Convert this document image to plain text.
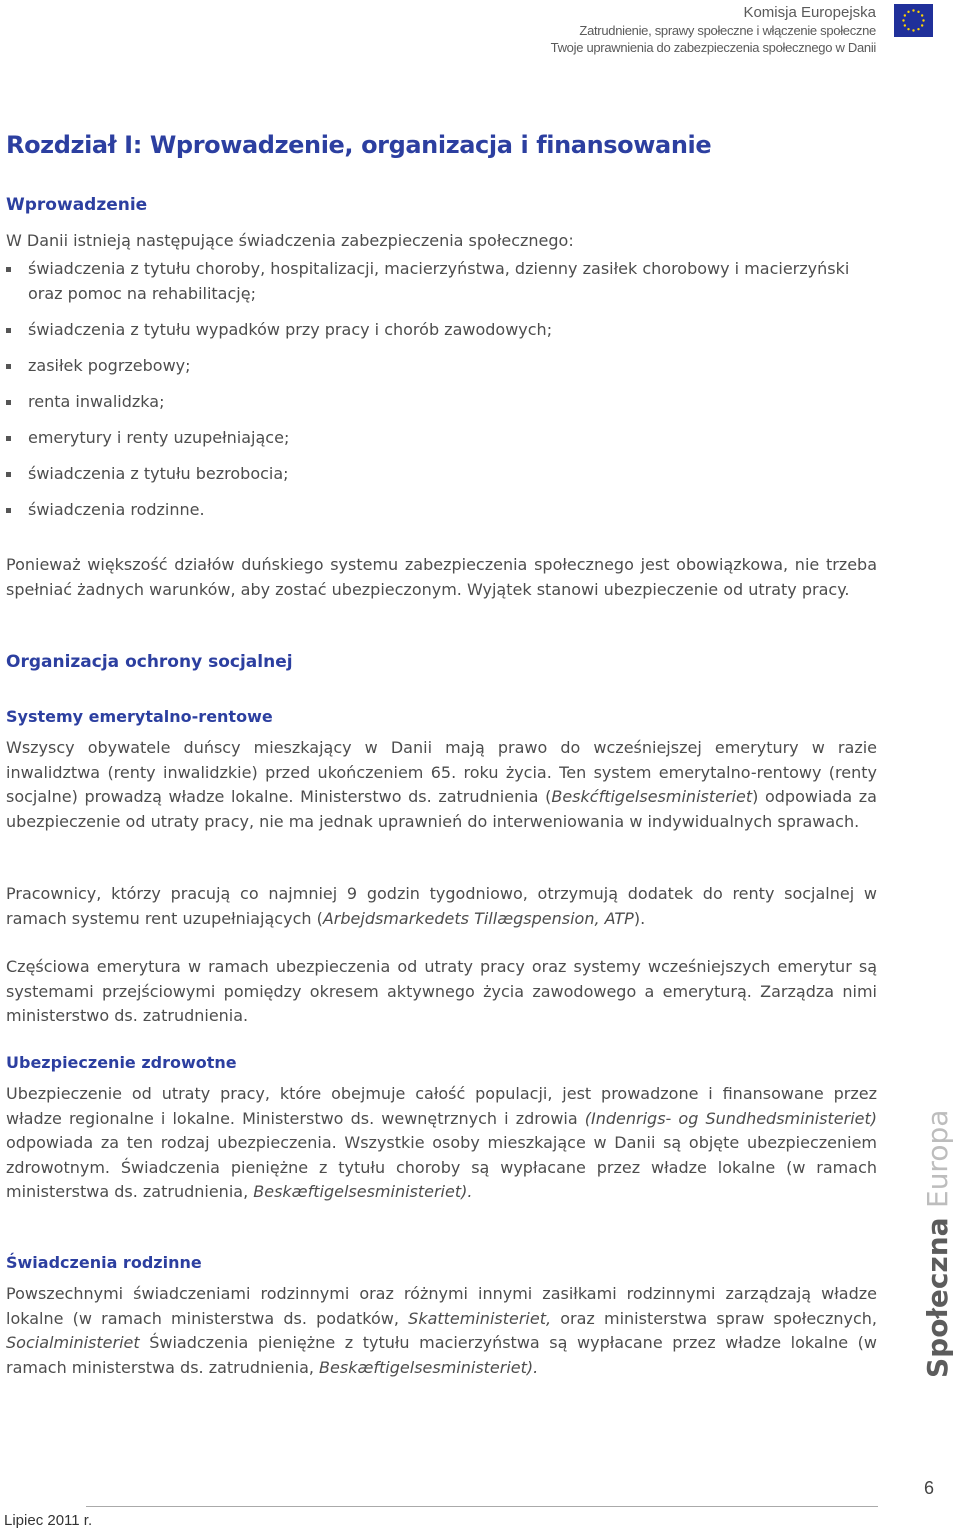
Komisja Europejska
Zatrudnienie, sprawy społeczne i włączenie społeczne
Twoje uprawnienia do zabezpieczenia społecznego w Danii
Rozdział I: Wprowadzenie, organizacja i finansowanie
Wprowadzenie
W Danii istnieją następujące świadczenia zabezpieczenia społecznego:
świadczenia z tytułu choroby, hospitalizacji, macierzyństwa, dzienny zasiłek chorobowy i macierzyński oraz pomoc na rehabilitację;
świadczenia z tytułu wypadków przy pracy i chorób zawodowych;
zasiłek pogrzebowy;
renta inwalidzka;
emerytury i renty uzupełniające;
świadczenia z tytułu bezrobocia;
świadczenia rodzinne.

Ponieważ większość działów duńskiego systemu zabezpieczenia społecznego jest obowiązkowa, nie trzeba spełniać żadnych warunków, aby zostać ubezpieczonym. Wyjątek stanowi ubezpieczenie od utraty pracy.

Organizacja ochrony socjalnej
Systemy emerytalno-rentowe

Wszyscy obywatele duńscy mieszkający w Danii mają prawo do wcześniejszej emerytury w razie inwalidztwa (renty inwalidzkie) przed ukończeniem 65. roku życia. Ten system emerytalno-rentowy (renty socjalne) prowadzą władze lokalne. Ministerstwo ds. zatrudnienia (Beskćftigelsesministeriet) odpowiada za ubezpieczenie od utraty pracy, nie ma jednak uprawnień do interweniowania w indywidualnych sprawach.

Pracownicy, którzy pracują co najmniej 9 godzin tygodniowo, otrzymują dodatek do renty socjalnej w ramach systemu rent uzupełniających (Arbejdsmarkedets Tillægspension, ATP).

Częściowa emerytura w ramach ubezpieczenia od utraty pracy oraz systemy wcześniejszych emerytur są systemami przejściowymi pomiędzy okresem aktywnego życia zawodowego a emeryturą. Zarządza nimi ministerstwo ds. zatrudnienia.

Ubezpieczenie zdrowotne

Ubezpieczenie od utraty pracy, które obejmuje całość populacji, jest prowadzone i finansowane przez władze regionalne i lokalne. Ministerstwo ds. wewnętrznych i zdrowia (Indenrigs- og Sundhedsministeriet) odpowiada za ten rodzaj ubezpieczenia. Wszystkie osoby mieszkające w Danii są objęte ubezpieczeniem zdrowotnym. Świadczenia pieniężne z tytułu choroby są wypłacane przez władze lokalne (w ramach ministerstwa ds. zatrudnienia, Beskæftigelsesministeriet).

Świadczenia rodzinne

Powszechnymi świadczeniami rodzinnymi oraz różnymi innymi zasiłkami rodzinnymi zarządzają władze lokalne (w ramach ministerstwa ds. podatków, Skatteministeriet, oraz ministerstwa spraw społecznych, Socialministeriet Świadczenia pieniężne z tytułu macierzyństwa są wypłacane przez władze lokalne (w ramach ministerstwa ds. zatrudnienia, Beskæftigelsesministeriet).	Społeczna
Europa
6
Lipiec 2011 r.
